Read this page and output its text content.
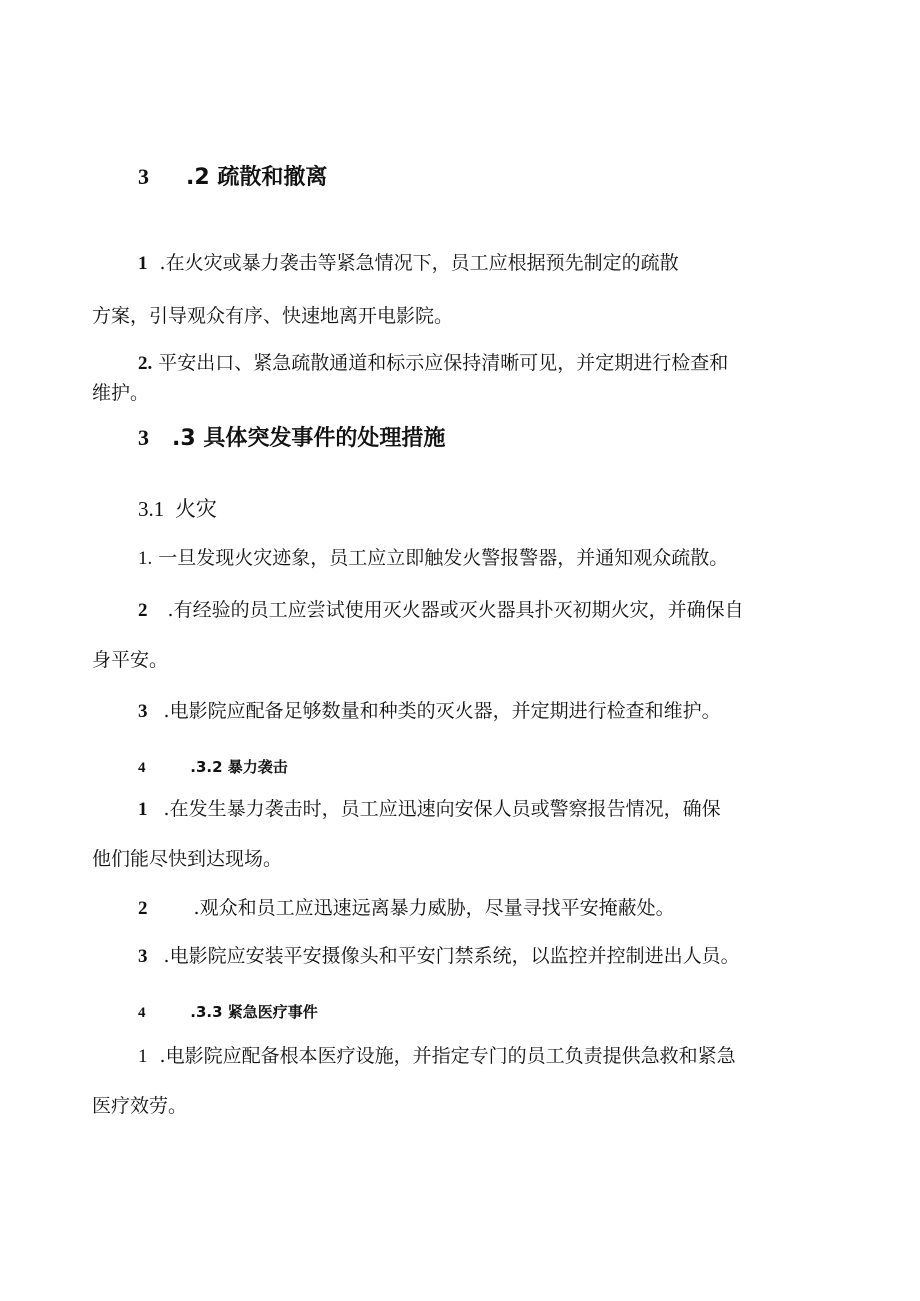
3 .2 疏散和撤离
1 .在火灾或暴力袭击等紧急情况下，员工应根据预先制定的疏散
方案，引导观众有序、快速地离开电影院。
2. 平安出口、紧急疏散通道和标示应保持清晰可见，并定期进行检查和
维护。
3 .3 具体突发事件的处理措施
3.1 火灾
1. 一旦发现火灾迹象，员工应立即触发火警报警器，并通知观众疏散。
2 .有经验的员工应尝试使用灭火器或灭火器具扑灭初期火灾，并确保自
身平安。
3 .电影院应配备足够数量和种类的灭火器，并定期进行检查和维护。
4	.3.2 暴力袭击
1 .在发生暴力袭击时，员工应迅速向安保人员或警察报告情况，确保
他们能尽快到达现场。
2 .观众和员工应迅速远离暴力威胁，尽量寻找平安掩蔽处。
3 .电影院应安装平安摄像头和平安门禁系统，以监控并控制进出人员。
4	.3.3 紧急医疗事件
1 .电影院应配备根本医疗设施，并指定专门的员工负责提供急救和紧急
医疗效劳。
